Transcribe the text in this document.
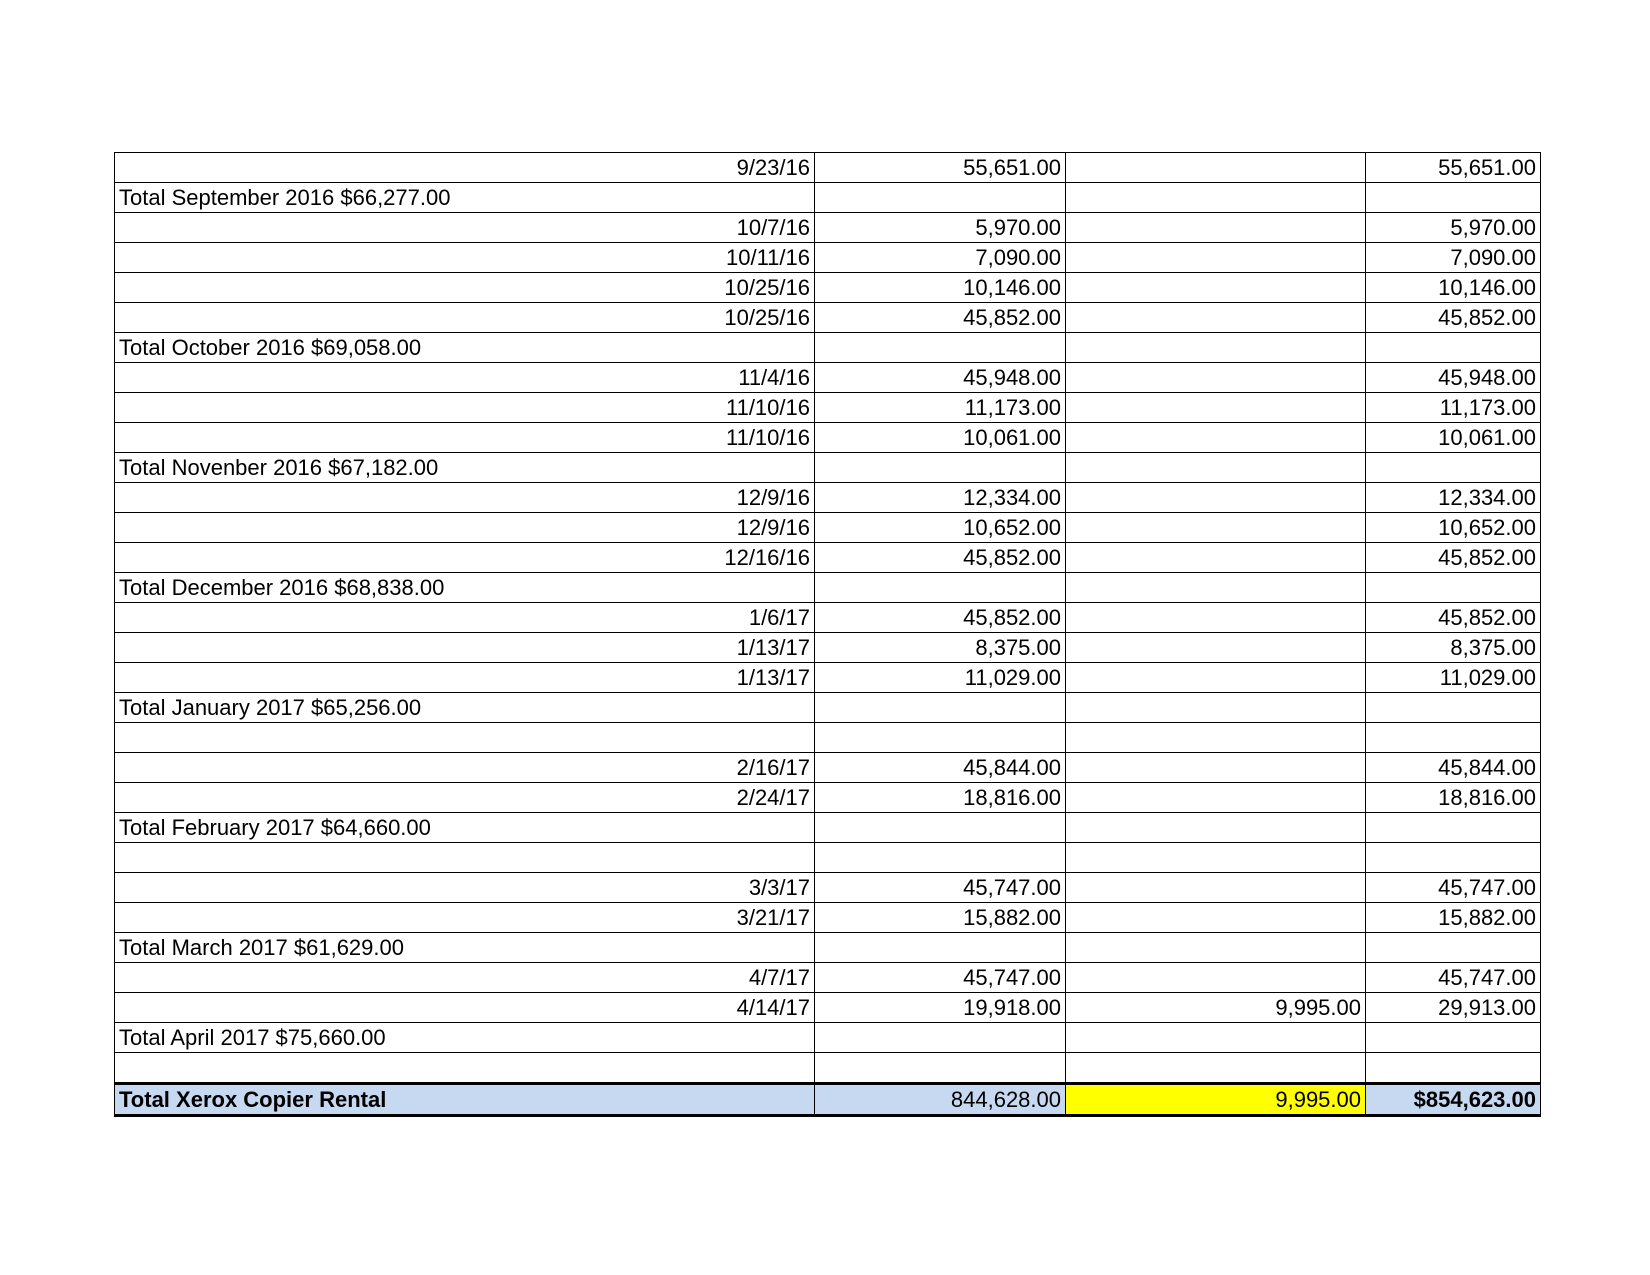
9/23/16	55,651.00		55,651.00
Total September 2016 $66,277.00			
10/7/16	5,970.00		5,970.00
10/11/16	7,090.00		7,090.00
10/25/16	10,146.00		10,146.00
10/25/16	45,852.00		45,852.00
Total October 2016 $69,058.00			
11/4/16	45,948.00		45,948.00
11/10/16	11,173.00		11,173.00
11/10/16	10,061.00		10,061.00
Total Novenber 2016 $67,182.00			
12/9/16	12,334.00		12,334.00
12/9/16	10,652.00		10,652.00
12/16/16	45,852.00		45,852.00
Total December 2016 $68,838.00			
1/6/17	45,852.00		45,852.00
1/13/17	8,375.00		8,375.00
1/13/17	11,029.00		11,029.00
Total January 2017 $65,256.00			

2/16/17	45,844.00		45,844.00
2/24/17	18,816.00		18,816.00
Total February 2017 $64,660.00			

3/3/17	45,747.00		45,747.00
3/21/17	15,882.00		15,882.00
Total March 2017 $61,629.00			
4/7/17	45,747.00		45,747.00
4/14/17	19,918.00	9,995.00	29,913.00
Total April 2017 $75,660.00			

Total Xerox Copier Rental	844,628.00	9,995.00	$854,623.00
